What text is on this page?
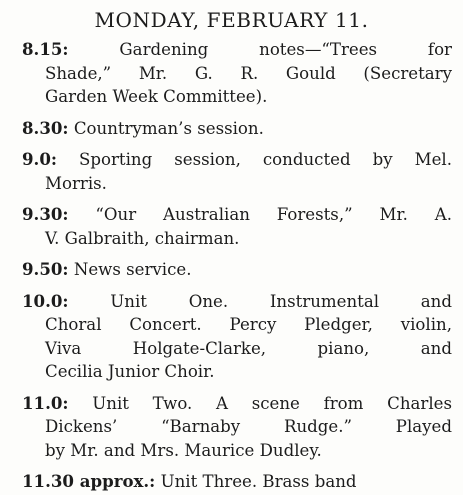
MONDAY, FEBRUARY 11.
8.15: Gardening notes—“Trees for
Shade,” Mr. G. R. Gould (Secretary
Garden Week Committee).
8.30: Countryman’s session.
9.0: Sporting session, conducted by Mel.
Morris.
9.30: “Our Australian Forests,” Mr. A.
V. Galbraith, chairman.
9.50: News service.
10.0: Unit One. Instrumental and
Choral Concert. Percy Pledger, violin,
Viva Holgate-Clarke, piano, and
Cecilia Junior Choir.
11.0: Unit Two. A scene from Charles
Dickens’ “Barnaby Rudge.” Played
by Mr. and Mrs. Maurice Dudley.
11.30 approx.: Unit Three. Brass band
